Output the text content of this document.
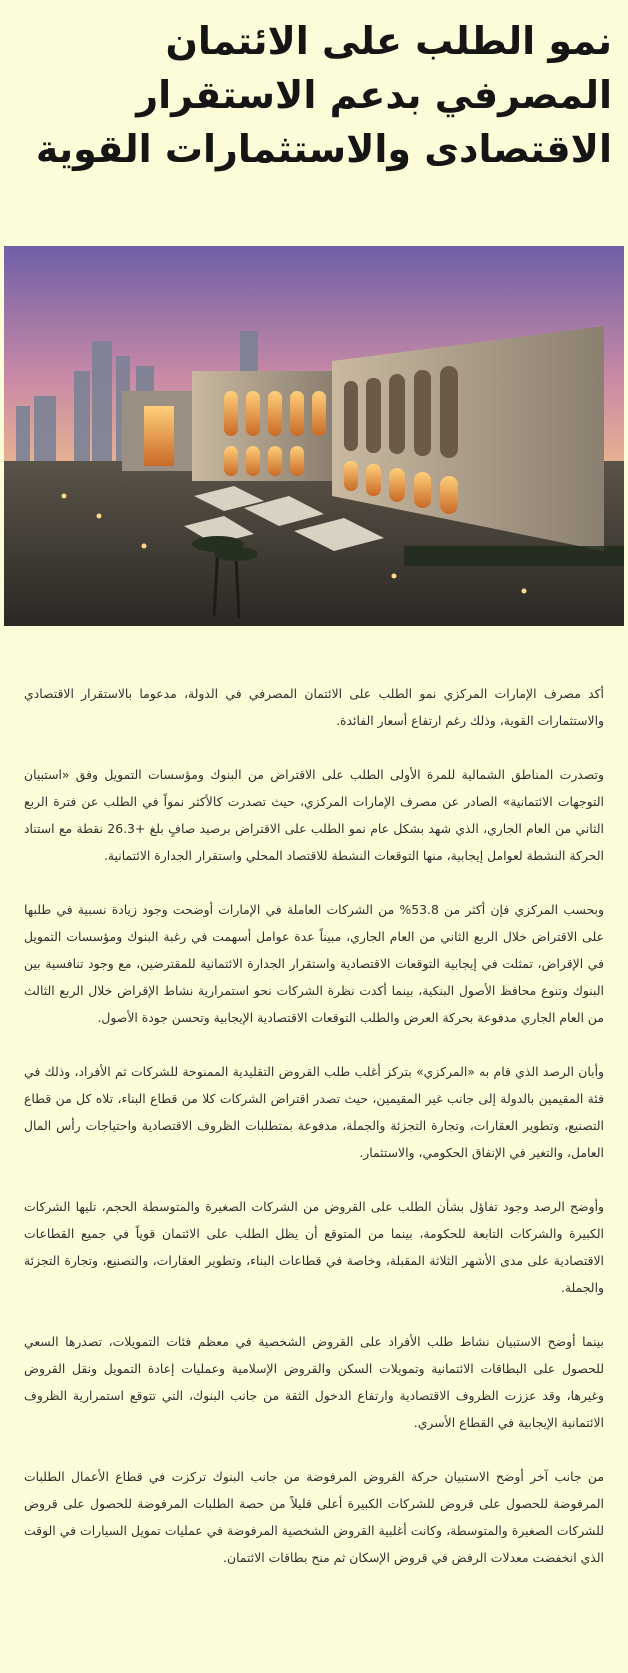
نمو الطلب على الائتمان المصرفي بدعم الاستقرار الاقتصادى والاستثمارات القوية

أكد مصرف الإمارات المركزي نمو الطلب على الائتمان المصرفي في الدولة، مدعوما بالاستقرار الاقتصادي والاستثمارات القوية، وذلك رغم ارتفاع أسعار الفائدة.

وتصدرت المناطق الشمالية للمرة الأولى الطلب على الاقتراض من البنوك ومؤسسات التمويل وفق «استبيان التوجهات الائتمانية» الصادر عن مصرف الإمارات المركزي، حيث تصدرت كالأكثر نمواً في الطلب عن فترة الربع الثاني من العام الجاري، الذي شهد بشكل عام نمو الطلب على الاقتراض برصيد صافٍ بلغ +26.3 نقطة مع استناد الحركة النشطة لعوامل إيجابية، منها التوقعات النشطة للاقتصاد المحلي واستقرار الجدارة الائتمانية.

وبحسب المركزي فإن أكثر من 53.8% من الشركات العاملة في الإمارات أوضحت وجود زيادة نسبية في طلبها على الاقتراض خلال الربع الثاني من العام الجاري، مبيناً عدة عوامل أسهمت في رغبة البنوك ومؤسسات التمويل في الإقراض، تمثلت في إيجابية التوقعات الاقتصادية واستقرار الجدارة الائتمانية للمقترضين، مع وجود تنافسية بين البنوك وتنوع محافظ الأصول البنكية، بينما أكدت نظرة الشركات نحو استمرارية نشاط الإقراض خلال الربع الثالث من العام الجاري مدفوعة بحركة العرض والطلب التوقعات الاقتصادية الإيجابية وتحسن جودة الأصول.

وأبان الرصد الذي قام به «المركزي» بتركز أغلب طلب القروض التقليدية الممنوحة للشركات ثم الأفراد، وذلك في فئة المقيمين بالدولة إلى جانب غير المقيمين، حيث تصدر اقتراض الشركات كلا من قطاع البناء، تلاه كل من قطاع التصنيع، وتطوير العقارات، وتجارة التجزئة والجملة، مدفوعة بمتطلبات الظروف الاقتصادية واحتياجات رأس المال العامل، والتغير في الإنفاق الحكومي، والاستثمار.

وأوضح الرصد وجود تفاؤل بشأن الطلب على القروض من الشركات الصغيرة والمتوسطة الحجم، تليها الشركات الكبيرة والشركات التابعة للحكومة، بينما من المتوقع أن يظل الطلب على الائتمان قوياً في جميع القطاعات الاقتصادية على مدى الأشهر الثلاثة المقبلة، وخاصة في قطاعات البناء، وتطوير العقارات، والتصنيع، وتجارة التجزئة والجملة.

بينما أوضح الاستبيان نشاط طلب الأفراد على القروض الشخصية في معظم فئات التمويلات، تصدرها السعي للحصول على البطاقات الائتمانية وتمويلات السكن والقروض الإسلامية وعمليات إعادة التمويل ونقل القروض وغيرها، وقد عززت الظروف الاقتصادية وارتفاع الدخول الثقة من جانب البنوك، التي تتوقع استمرارية الظروف الائتمانية الإيجابية في القطاع الأسري.

من جانب آخر أوضح الاستبيان حركة القروض المرفوضة من جانب البنوك تركزت في قطاع الأعمال الطلبات المرفوضة للحصول على قروض للشركات الكبيرة أعلى قليلاً من حصة الطلبات المرفوضة للحصول على قروض للشركات الصغيرة والمتوسطة، وكانت أغلبية القروض الشخصية المرفوضة في عمليات تمويل السيارات في الوقت الذي انخفضت معدلات الرفض في قروض الإسكان ثم منح بطاقات الائتمان.
